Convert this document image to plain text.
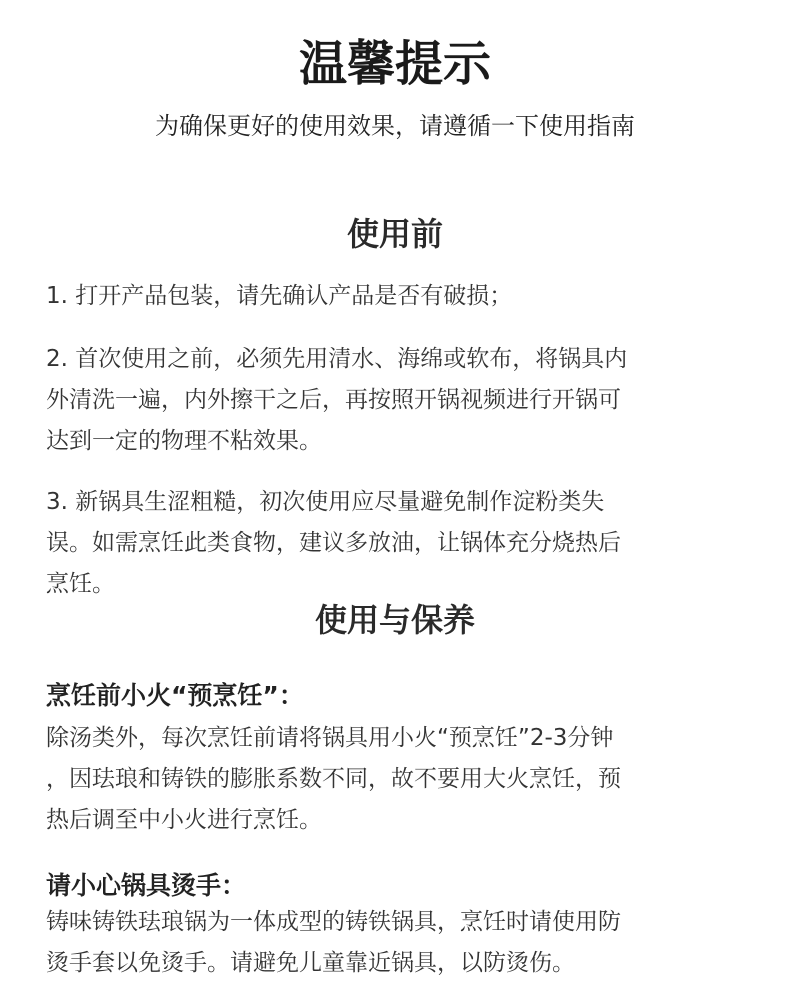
温馨提示

为确保更好的使用效果，请遵循一下使用指南

使用前

1. 打开产品包装，请先确认产品是否有破损；

2. 首次使用之前，必须先用清水、海绵或软布，将锅具内
外清洗一遍，内外擦干之后，再按照开锅视频进行开锅可
达到一定的物理不粘效果。

3. 新锅具生涩粗糙，初次使用应尽量避免制作淀粉类失
误。如需烹饪此类食物，建议多放油，让锅体充分烧热后
烹饪。

使用与保养

烹饪前小火“预烹饪”：

除汤类外，每次烹饪前请将锅具用小火“预烹饪”2-3分钟
，因珐琅和铸铁的膨胀系数不同，故不要用大火烹饪，预
热后调至中小火进行烹饪。

请小心锅具烫手：

铸味铸铁珐琅锅为一体成型的铸铁锅具，烹饪时请使用防
烫手套以免烫手。请避免儿童靠近锅具，以防烫伤。
